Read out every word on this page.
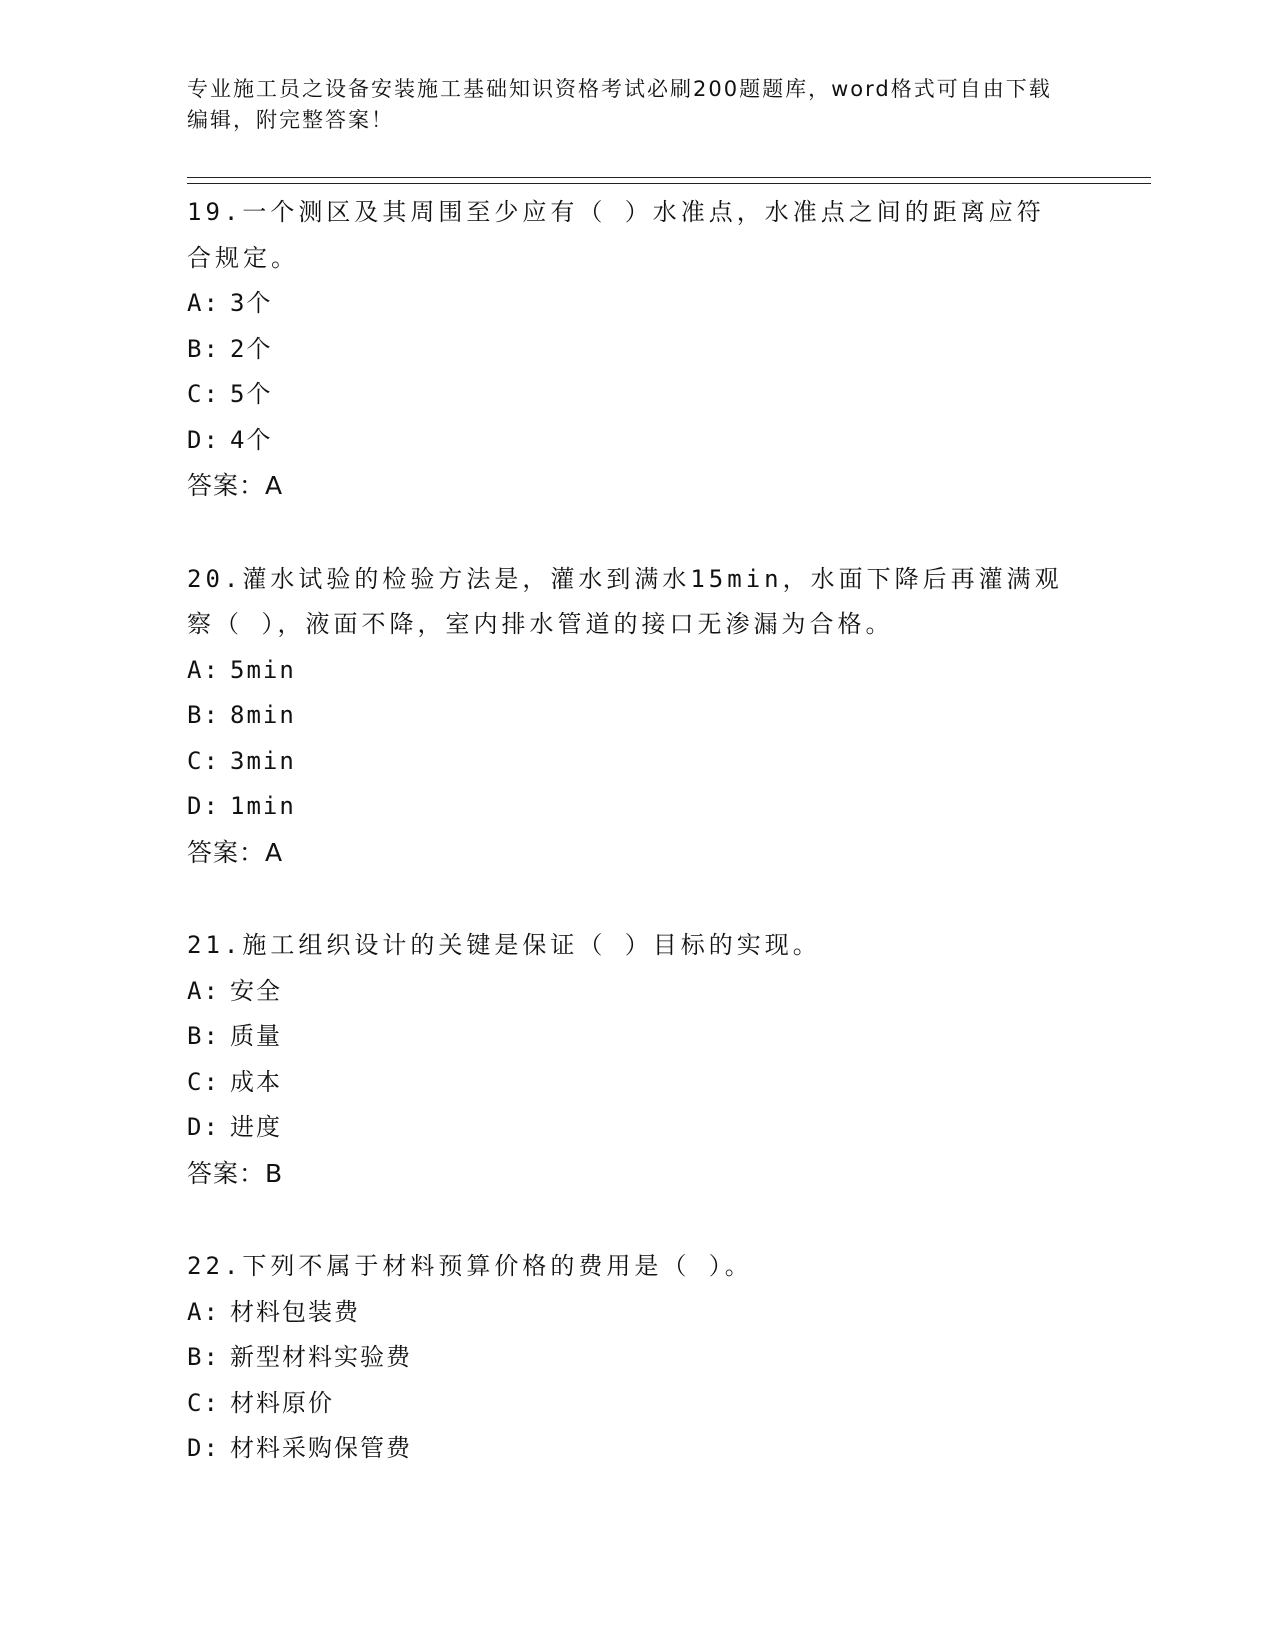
专业施工员之设备安装施工基础知识资格考试必刷200题题库，word格式可自由下载编辑，附完整答案！
19.一个测区及其周围至少应有（ ）水准点，水准点之间的距离应符合规定。
A: 3个
B: 2个
C: 5个
D: 4个
答案：A
20.灌水试验的检验方法是，灌水到满水15min，水面下降后再灌满观察（ ），液面不降，室内排水管道的接口无渗漏为合格。
A: 5min
B: 8min
C: 3min
D: 1min
答案：A
21.施工组织设计的关键是保证（ ）目标的实现。
A: 安全
B: 质量
C: 成本
D: 进度
答案：B
22.下列不属于材料预算价格的费用是（ ）。
A: 材料包装费
B: 新型材料实验费
C: 材料原价
D: 材料采购保管费
